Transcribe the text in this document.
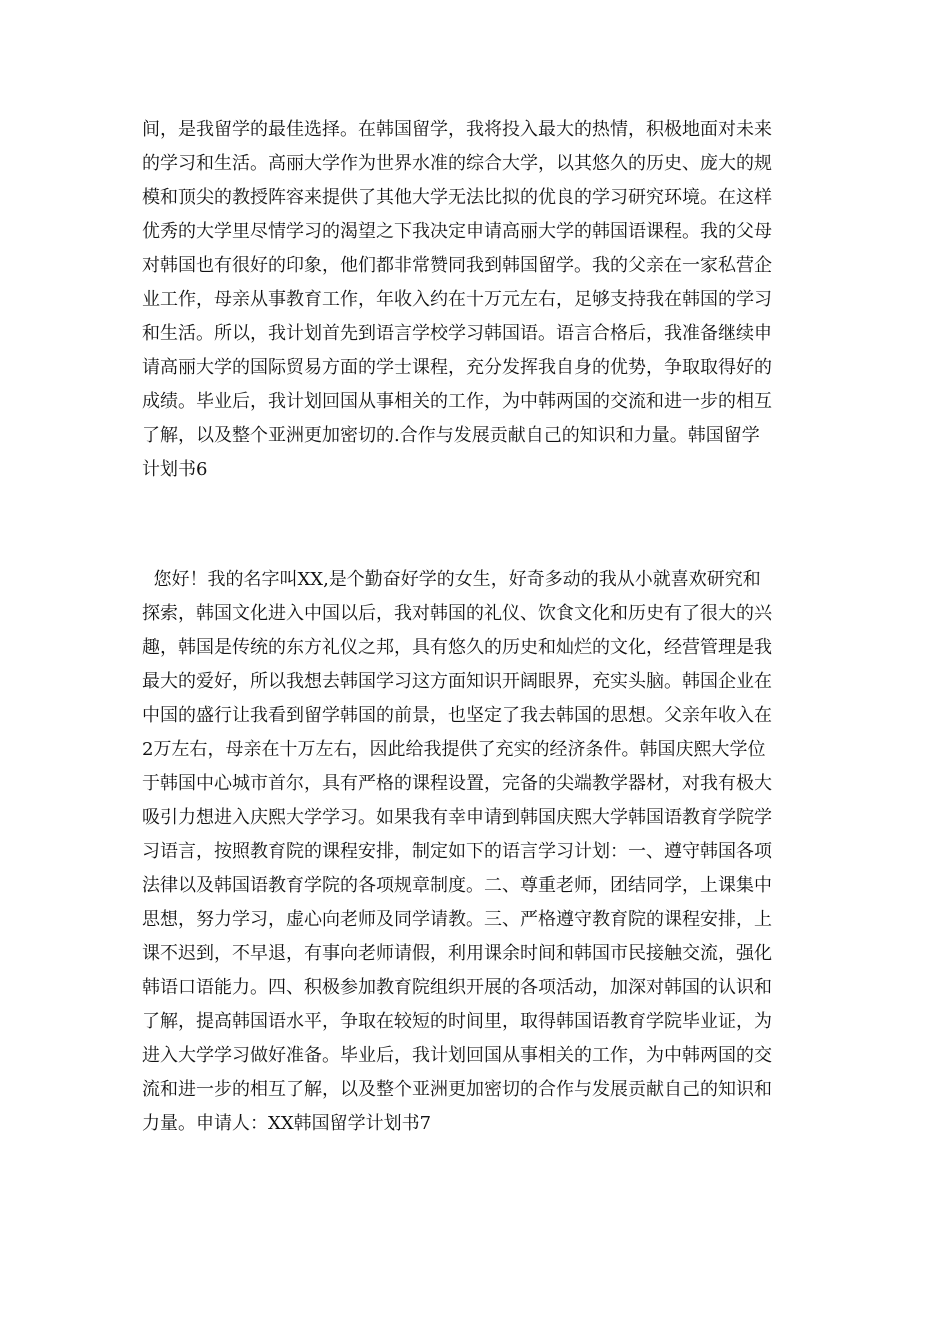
间，是我留学的最佳选择。在韩国留学，我将投入最大的热情，积极地面对未来
的学习和生活。高丽大学作为世界水准的综合大学，以其悠久的历史、庞大的规
模和顶尖的教授阵容来提供了其他大学无法比拟的优良的学习研究环境。在这样
优秀的大学里尽情学习的渴望之下我决定申请高丽大学的韩国语课程。我的父母
对韩国也有很好的印象，他们都非常赞同我到韩国留学。我的父亲在一家私营企
业工作，母亲从事教育工作，年收入约在十万元左右，足够支持我在韩国的学习
和生活。所以，我计划首先到语言学校学习韩国语。语言合格后，我准备继续申
请高丽大学的国际贸易方面的学士课程，充分发挥我自身的优势，争取取得好的
成绩。毕业后，我计划回国从事相关的工作，为中韩两国的交流和进一步的相互
了解，以及整个亚洲更加密切的.合作与发展贡献自己的知识和力量。韩国留学
计划书6
您好！我的名字叫XX,是个勤奋好学的女生，好奇多动的我从小就喜欢研究和
探索，韩国文化进入中国以后，我对韩国的礼仪、饮食文化和历史有了很大的兴
趣，韩国是传统的东方礼仪之邦，具有悠久的历史和灿烂的文化，经营管理是我
最大的爱好，所以我想去韩国学习这方面知识开阔眼界，充实头脑。韩国企业在
中国的盛行让我看到留学韩国的前景，也坚定了我去韩国的思想。父亲年收入在
2万左右，母亲在十万左右，因此给我提供了充实的经济条件。韩国庆熙大学位
于韩国中心城市首尔，具有严格的课程设置，完备的尖端教学器材，对我有极大
吸引力想进入庆熙大学学习。如果我有幸申请到韩国庆熙大学韩国语教育学院学
习语言，按照教育院的课程安排，制定如下的语言学习计划：一、遵守韩国各项
法律以及韩国语教育学院的各项规章制度。二、尊重老师，团结同学，上课集中
思想，努力学习，虚心向老师及同学请教。三、严格遵守教育院的课程安排，上
课不迟到，不早退，有事向老师请假，利用课余时间和韩国市民接触交流，强化
韩语口语能力。四、积极参加教育院组织开展的各项活动，加深对韩国的认识和
了解，提高韩国语水平，争取在较短的时间里，取得韩国语教育学院毕业证，为
进入大学学习做好准备。毕业后，我计划回国从事相关的工作，为中韩两国的交
流和进一步的相互了解，以及整个亚洲更加密切的合作与发展贡献自己的知识和
力量。申请人：XX韩国留学计划书7
